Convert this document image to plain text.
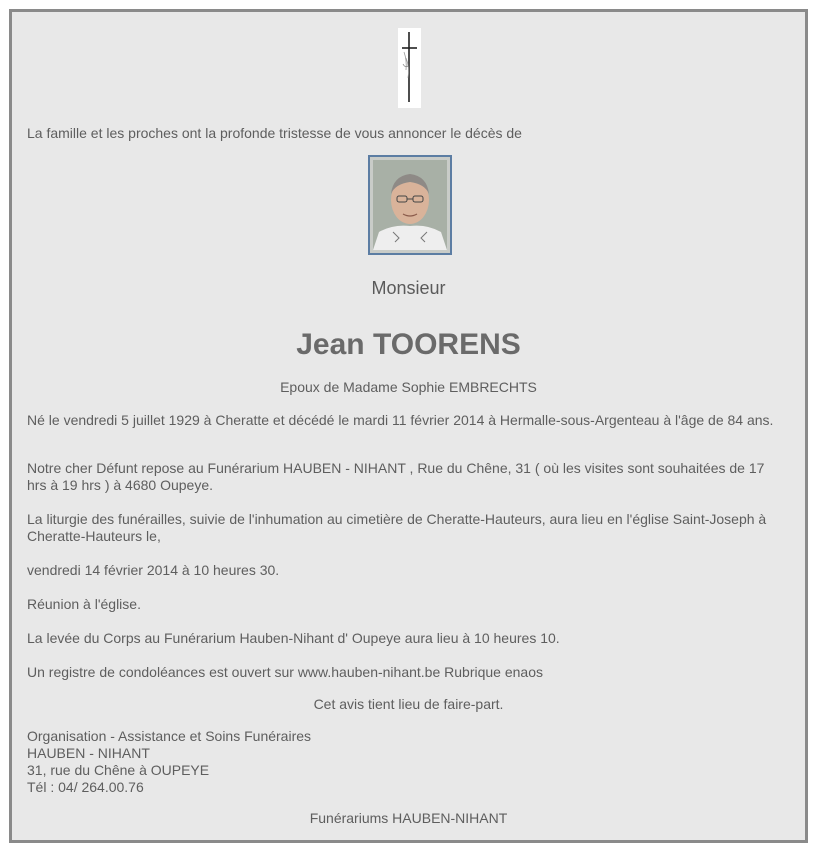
La famille et les proches ont la profonde tristesse de vous annoncer le décès de
Monsieur
Jean TOORENS
Epoux de Madame Sophie EMBRECHTS
Né le vendredi 5 juillet 1929 à Cheratte et décédé le mardi 11 février 2014 à Hermalle-sous-Argenteau à l'âge de 84 ans.
Notre cher Défunt repose au Funérarium HAUBEN - NIHANT , Rue du Chêne, 31 ( où les visites sont souhaitées de 17 hrs à 19 hrs ) à 4680 Oupeye.
La liturgie des funérailles, suivie de l'inhumation au cimetière de Cheratte-Hauteurs, aura lieu en l'église Saint-Joseph à Cheratte-Hauteurs le,
vendredi 14 février 2014 à 10 heures 30.
Réunion à l'église.
La levée du Corps au Funérarium Hauben-Nihant d' Oupeye aura lieu à 10 heures 10.
Un registre de condoléances est ouvert sur www.hauben-nihant.be Rubrique enaos
Cet avis tient lieu de faire-part.
Organisation - Assistance et Soins Funéraires
HAUBEN - NIHANT
31, rue du Chêne à OUPEYE
Tél : 04/ 264.00.76
Funérariums HAUBEN-NIHANT
